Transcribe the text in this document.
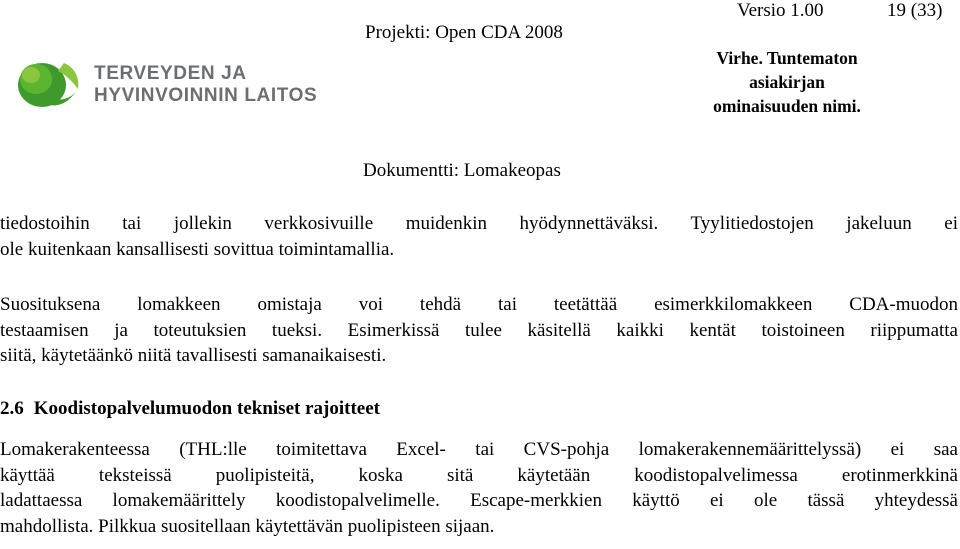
TERVEYDEN JA
HYVINVOINNIN LAITOS
Projekti: Open CDA 2008
Versio 1.00	19 (33)
Virhe. Tuntematon asiakirjan ominaisuuden nimi.
Dokumentti: Lomakeopas
tiedostoihin tai jollekin verkkosivuille muidenkin hyödynnettäväksi. Tyylitiedostojen jakeluun ei
ole kuitenkaan kansallisesti sovittua toimintamallia.
Suosituksena lomakkeen omistaja voi tehdä tai teetättää esimerkkilomakkeen CDA-muodon
testaamisen ja toteutuksien tueksi. Esimerkissä tulee käsitellä kaikki kentät toistoineen riippumatta
siitä, käytetäänkö niitä tavallisesti samanaikaisesti.
2.6 Koodistopalvelumuodon tekniset rajoitteet
Lomakerakenteessa (THL:lle toimitettava Excel- tai CVS-pohja lomakerakennemäärittelyssä) ei saa
käyttää teksteissä puolipisteitä, koska sitä käytetään koodistopalvelimessa erotinmerkkinä
ladattaessa lomakemäärittely koodistopalvelimelle. Escape-merkkien käyttö ei ole tässä yhteydessä
mahdollista. Pilkkua suositellaan käytettävän puolipisteen sijaan.
